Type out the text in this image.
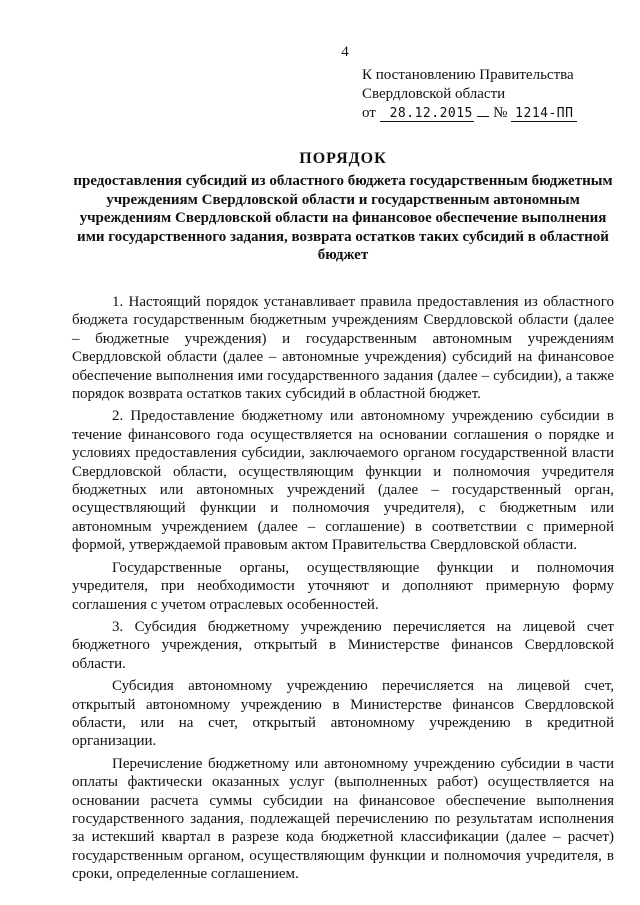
4
К постановлению Правительства
Свердловской области
от 28.12.2015 № 1214-ПП
ПОРЯДОК
предоставления субсидий из областного бюджета государственным бюджетным учреждениям Свердловской области и государственным автономным учреждениям Свердловской области на финансовое обеспечение выполнения ими государственного задания, возврата остатков таких субсидий в областной бюджет

1. Настоящий порядок устанавливает правила предоставления из областного бюджета государственным бюджетным учреждениям Свердловской области (далее – бюджетные учреждения) и государственным автономным учреждениям Свердловской области (далее – автономные учреждения) субсидий на финансовое обеспечение выполнения ими государственного задания (далее – субсидии), а также порядок возврата остатков таких субсидий в областной бюджет.

2. Предоставление бюджетному или автономному учреждению субсидии в течение финансового года осуществляется на основании соглашения о порядке и условиях предоставления субсидии, заключаемого органом государственной власти Свердловской области, осуществляющим функции и полномочия учредителя бюджетных или автономных учреждений (далее – государственный орган, осуществляющий функции и полномочия учредителя), с бюджетным или автономным учреждением (далее – соглашение) в соответствии с примерной формой, утверждаемой правовым актом Правительства Свердловской области.

Государственные органы, осуществляющие функции и полномочия учредителя, при необходимости уточняют и дополняют примерную форму соглашения с учетом отраслевых особенностей.

3. Субсидия бюджетному учреждению перечисляется на лицевой счет бюджетного учреждения, открытый в Министерстве финансов Свердловской области.

Субсидия автономному учреждению перечисляется на лицевой счет, открытый автономному учреждению в Министерстве финансов Свердловской области, или на счет, открытый автономному учреждению в кредитной организации.

Перечисление бюджетному или автономному учреждению субсидии в части оплаты фактически оказанных услуг (выполненных работ) осуществляется на основании расчета суммы субсидии на финансовое обеспечение выполнения государственного задания, подлежащей перечислению по результатам исполнения за истекший квартал в разрезе кода бюджетной классификации (далее – расчет) государственным органом, осуществляющим функции и полномочия учредителя, в сроки, определенные соглашением.
